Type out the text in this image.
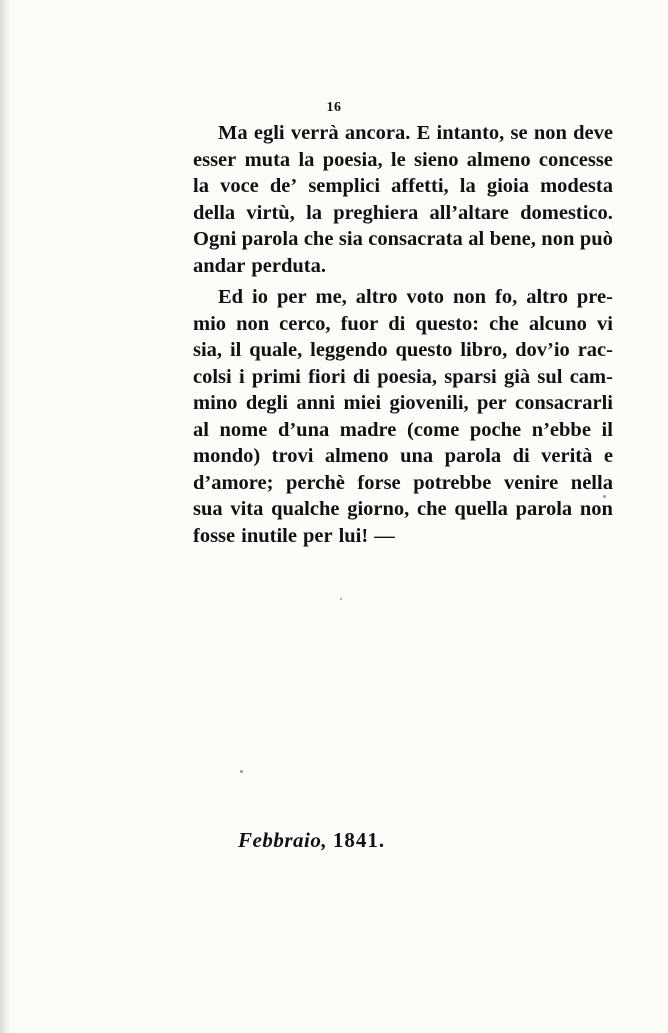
16
Ma egli verrà ancora. E intanto, se non deve
esser muta la poesia, le sieno almeno concesse
la voce de’ semplici affetti, la gioia modesta
della virtù, la preghiera all’altare domestico.
Ogni parola che sia consacrata al bene, non può
andar perduta.
Ed io per me, altro voto non fo, altro pre-
mio non cerco, fuor di questo: che alcuno vi
sia, il quale, leggendo questo libro, dov’io rac-
colsi i primi fiori di poesia, sparsi già sul cam-
mino degli anni miei giovenili, per consacrarli
al nome d’una madre (come poche n’ebbe il
mondo) trovi almeno una parola di verità e
d’amore; perchè forse potrebbe venire nella
sua vita qualche giorno, che quella parola non
fosse inutile per lui! —
Febbraio, 1841.
